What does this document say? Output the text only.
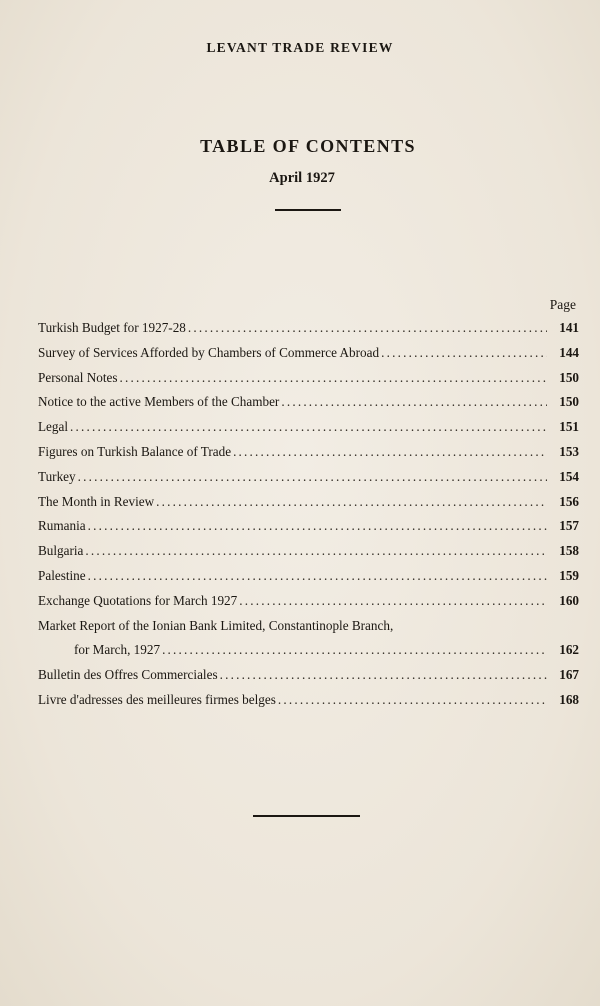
LEVANT TRADE REVIEW
TABLE OF CONTENTS
April 1927
Page
Turkish Budget for 1927-28 .....	141
Survey of Services Afforded by Chambers of Commerce Abroad .....	144
Personal Notes .....	150
Notice to the active Members of the Chamber .....	150
Legal .....	151
Figures on Turkish Balance of Trade .....	153
Turkey .....	154
The Month in Review .....	156
Rumania .....	157
Bulgaria .....	158
Palestine .....	159
Exchange Quotations for March 1927 .....	160
Market Report of the Ionian Bank Limited, Constantinople Branch,
for March, 1927 .....	162
Bulletin des Offres Commerciales .....	167
Livre d'adresses des meilleures firmes belges .....	168
